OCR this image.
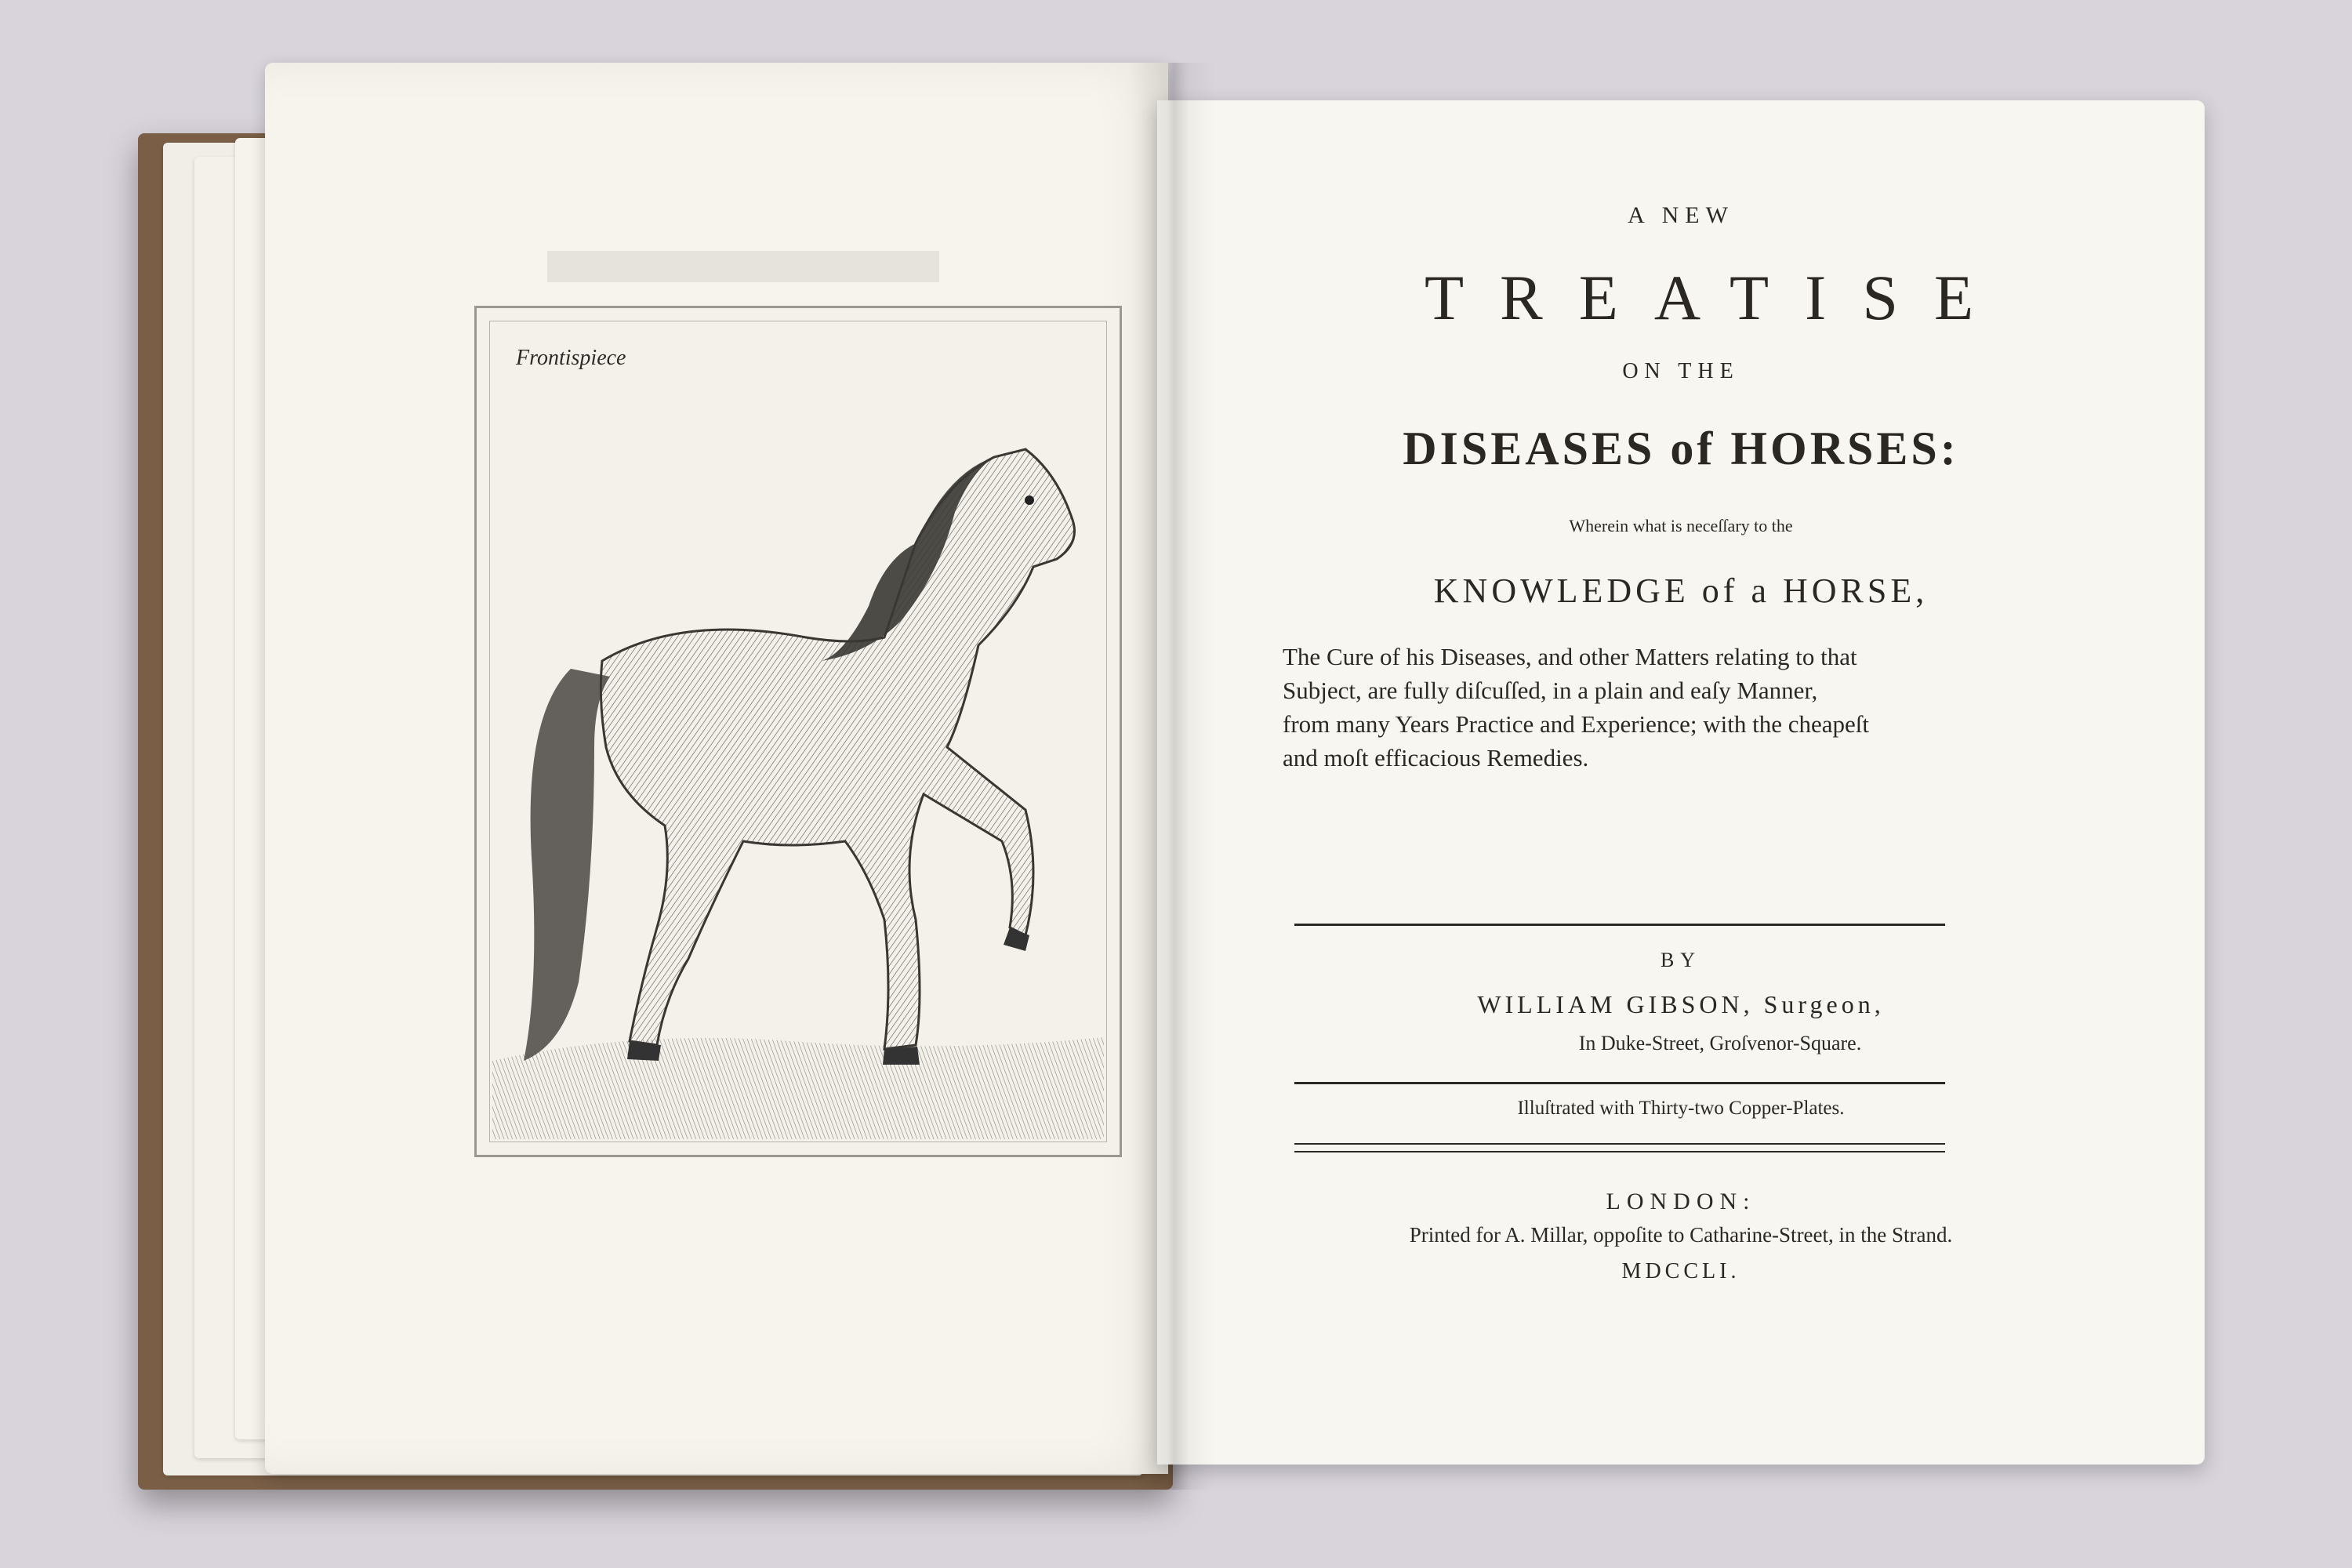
Frontispiece
A NEW
TREATISE
ON THE
DISEASES of HORSES:
Wherein what is neceſſary to the
KNOWLEDGE of a HORSE,
The Cure of his Diseases, and other Matters relating to that
Subject, are fully diſcuſſed, in a plain and eaſy Manner,
from many Years Practice and Experience; with the cheapeſt
and moſt efficacious Remedies.
BY
WILLIAM GIBSON, Surgeon,
In Duke-Street, Groſvenor-Square.
Illuſtrated with Thirty-two Copper-Plates.
LONDON:
Printed for A. Millar, oppoſite to Catharine-Street, in the Strand.
MDCCLI.
